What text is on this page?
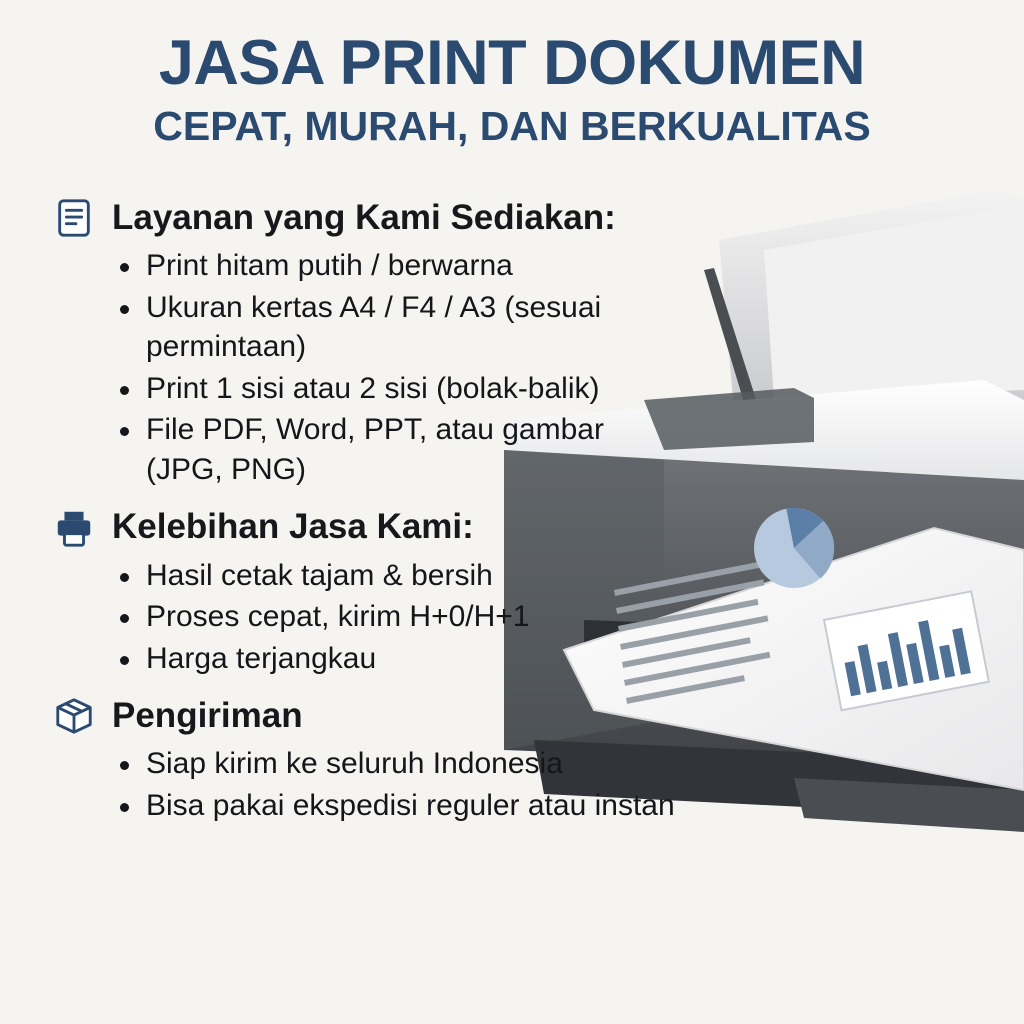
JASA PRINT DOKUMEN
CEPAT, MURAH, DAN BERKUALITAS
Layanan yang Kami Sediakan:
Print hitam putih / berwarna
Ukuran kertas A4 / F4 / A3 (sesuai permintaan)
Print 1 sisi atau 2 sisi (bolak-balik)
File PDF, Word, PPT, atau gambar (JPG, PNG)
Kelebihan Jasa Kami:
Hasil cetak tajam & bersih
Proses cepat, kirim H+0/H+1
Harga terjangkau
Pengiriman
Siap kirim ke seluruh Indonesia
Bisa pakai ekspedisi reguler atau instan
